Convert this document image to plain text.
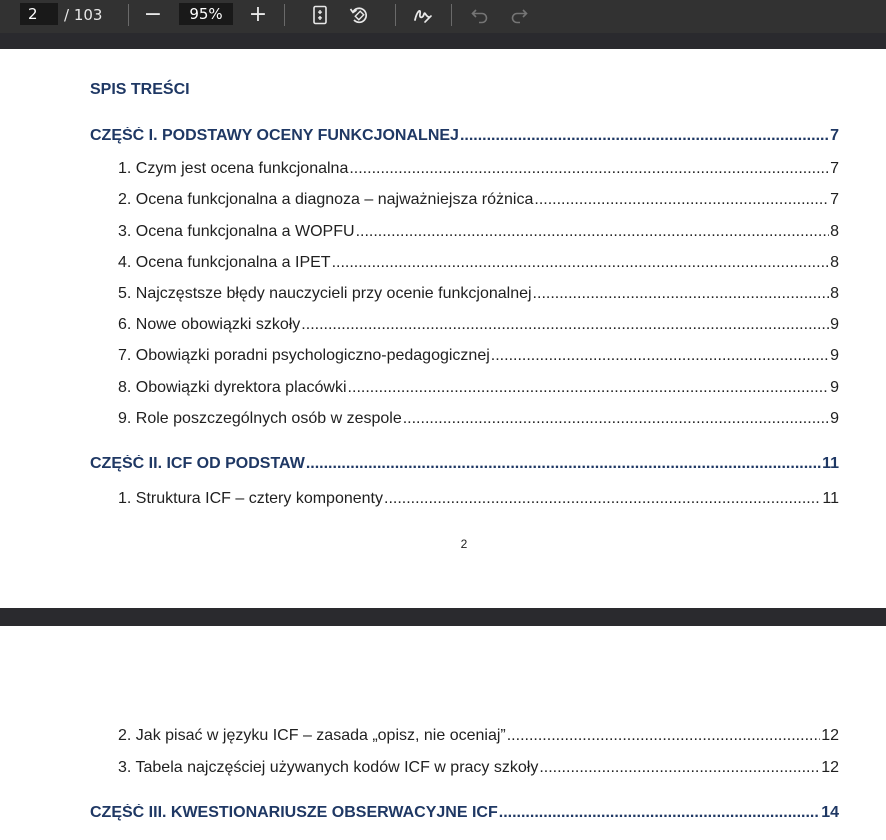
2	/ 103 −	95%	+
SPIS TREŚCI
CZĘŚĆ I. PODSTAWY OCENY FUNKCJONALNEJ .....	7
1. Czym jest ocena funkcjonalna .....	7
2. Ocena funkcjonalna a diagnoza – najważniejsza różnica .....	7
3. Ocena funkcjonalna a WOPFU .....	8
4. Ocena funkcjonalna a IPET .....	8
5. Najczęstsze błędy nauczycieli przy ocenie funkcjonalnej .....	8
6. Nowe obowiązki szkoły .....	9
7. Obowiązki poradni psychologiczno-pedagogicznej .....	9
8. Obowiązki dyrektora placówki .....	9
9. Role poszczególnych osób w zespole .....	9
CZĘŚĆ II. ICF OD PODSTAW .....	11
1. Struktura ICF – cztery komponenty .....	11
2
2. Jak pisać w języku ICF – zasada „opisz, nie oceniaj” .....	12
3. Tabela najczęściej używanych kodów ICF w pracy szkoły .....	12
CZĘŚĆ III. KWESTIONARIUSZE OBSERWACYJNE ICF .....	14
